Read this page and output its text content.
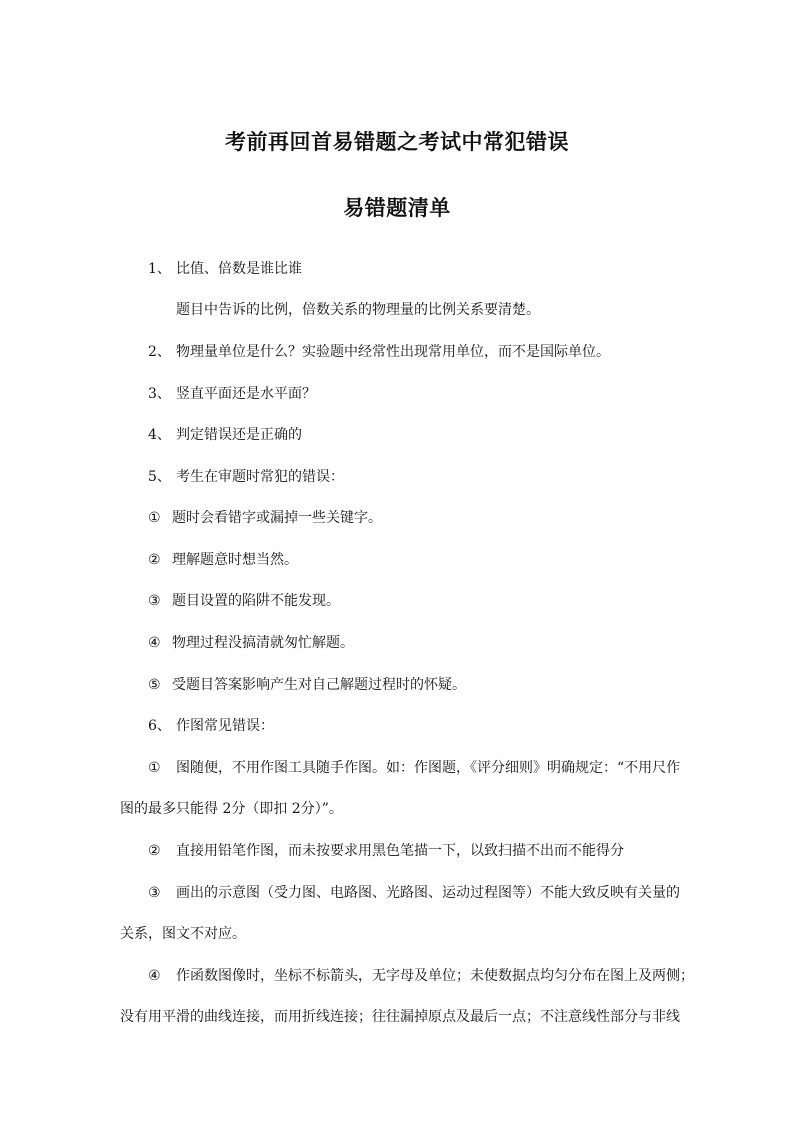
考前再回首易错题之考试中常犯错误
易错题清单
1、 比值、倍数是谁比谁
题目中告诉的比例，倍数关系的物理量的比例关系要清楚。
2、 物理量单位是什么？实验题中经常性出现常用单位，而不是国际单位。
3、 竖直平面还是水平面？
4、 判定错误还是正确的
5、 考生在审题时常犯的错误：
① 题时会看错字或漏掉一些关键字。
② 理解题意时想当然。
③ 题目设置的陷阱不能发现。
④ 物理过程没搞清就匆忙解题。
⑤ 受题目答案影响产生对自己解题过程时的怀疑。
6、 作图常见错误：
① 图随便，不用作图工具随手作图。如：作图题，《评分细则》明确规定：“不用尺作
图的最多只能得 2分（即扣 2分）”。
② 直接用铅笔作图，而未按要求用黑色笔描一下，以致扫描不出而不能得分
③ 画出的示意图（受力图、电路图、光路图、运动过程图等）不能大致反映有关量的
关系，图文不对应。
④ 作函数图像时，坐标不标箭头，无字母及单位；未使数据点均匀分布在图上及两侧；
没有用平滑的曲线连接，而用折线连接；往往漏掉原点及最后一点；不注意线性部分与非线
